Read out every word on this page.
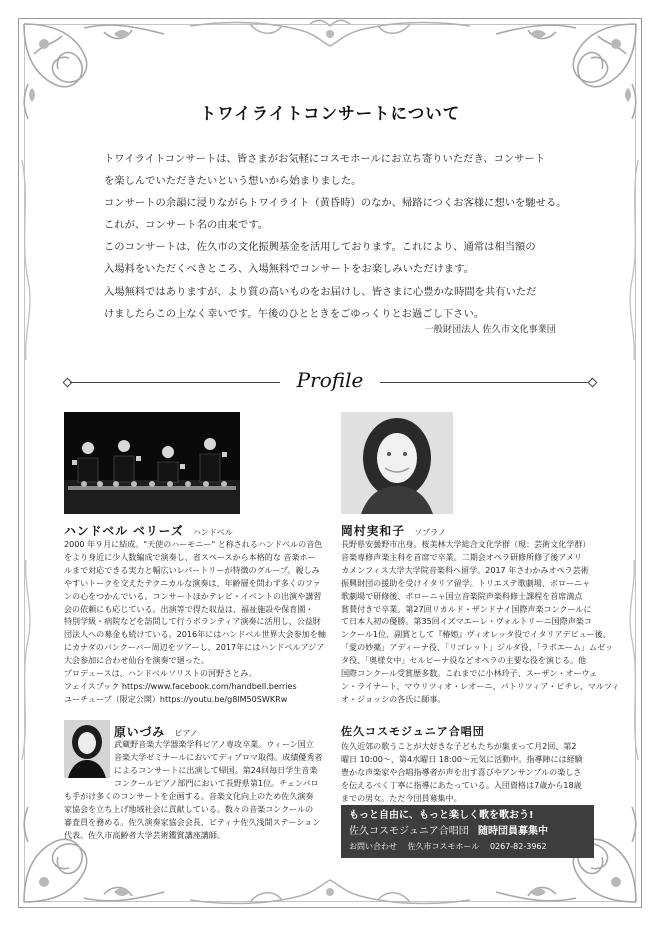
トワイライトコンサートについて

トワイライトコンサートは、皆さまがお気軽にコスモホールにお立ち寄りいただき、コンサート

を楽しんでいただきたいという想いから始まりました。

コンサートの余韻に浸りながらトワイライト（黄昏時）のなか、帰路につくお客様に想いを馳せる。

これが、コンサート名の由来です。

このコンサートは、佐久市の文化振興基金を活用しております。これにより、通常は相当額の

入場料をいただくべきところ、入場無料でコンサートをお楽しみいただけます。

入場無料ではありますが、より質の高いものをお届けし、皆さまに心豊かな時間を共有いただ

けましたらこの上なく幸いです。午後のひとときをごゆっくりとお過ごし下さい。

一般財団法人 佐久市文化事業団
Profile
ハンドベル ベリーズ ハンドベル

2000 年９月に結成。"天使のハーモニー" と称されるハンドベルの音色

をより身近に少人数編成で演奏し、省スペースから本格的な 音楽ホー

ルまで対応できる実力と幅広いレパートリーが特徴のグループ。親しみ

やすいトークを交えたテクニカルな演奏は、年齢層を問わず多くのファ

ンの心をつかんでいる。コンサートほかテレビ・イベントの出演や講習

会の依頼にも応じている。出演等で得た収益は、福祉施設や保育園・

特別学級・病院などを訪問して行うボランティア演奏に活用し、公益財

団法人への募金も続けている。2016年にはハンドベル世界大会参加を軸

にカナダのバンクーバー周辺をツアーし、2017年にはハンドベルアジア

大会参加に合わせ仙台を演奏で廻った。

プロデュースは、ハンドベルソリストの河野さとみ。

フェイスブック https://www.facebook.com/handbell.berries

ユーチューブ（限定公開）https://youtu.be/g8lM50SWKRw

岡村実和子 ソプラノ

長野県安曇野市出身。桜美林大学総合文化学群（現：芸術文化学群）

音楽専修声楽主科を首席で卒業。二期会オペラ研修所修了後アメリ

カメンフィス大学大学院音楽科へ留学。2017 年さわかみオペラ芸術

振興財団の援助を受けイタリア留学。トリエステ歌劇場、ボローニャ

歌劇場で研修後、ボローニャ国立音楽院声楽科修士課程を首席満点

賞賛付きで卒業。第27回リカルド・ザンドナイ国際声楽コンクールに

て日本人初の優勝。第35回イズマエーレ・ヴォルトリーニ国際声楽コ

ンクール1位、副賞として『椿姫』ヴィオレッタ役でイタリアデビュー後、

「愛の妙薬」アディーナ役、「リゴレット」ジルダ役、「ラボエーム」ムゼッ

タ役、「奥様女中」セルピーナ役などオペラの主要な役を演じる。他

国際コンクール受賞歴多数。これまでに小林玲子、スーザン・オーウェ

ン・ライナート、マウリツィオ・レオーニ、パトリツィア・ビチレ、マルツィ

オ・ジョッシの各氏に師事。

原いづみ ピアノ

武蔵野音楽大学器楽学科ピアノ専攻卒業。ウィーン国立

音楽大学ゼミナールにおいてディプロマ取得。成績優秀者

によるコンサートに出演して帰国。第24回毎日学生音楽

コンクールピアノ部門において長野県第1位。チェンバロ

も手がけ多くのコンサートを企画する。音楽文化向上のため佐久演奏

家協会を立ち上げ地域社会に貢献している。数々の音楽コンクールの

審査員を務める。佐久演奏家協会会長、ビティナ佐久浅間ステーション

代表。佐久市高齢者大学芸術鑑賞講座講師。

佐久コスモジュニア合唱団

佐久近郊の歌うことが大好きな子どもたちが集まって月2回、第2

曜日 10:00～、第4水曜日 18:00～元気に活動中。指導陣には経験

豊かな声楽家や合唱指導者が声を出す喜びやアンサンブルの楽しさ

を伝えるべく丁寧に指導にあたっている。入団資格は7歳から18歳

までの男女。ただ今団員募集中。

もっと自由に、もっと楽しく歌を歌おう!
佐久コスモジュニア合唱団 随時団員募集中
お問い合わせ 佐久市コスモホール 0267-82-3962
